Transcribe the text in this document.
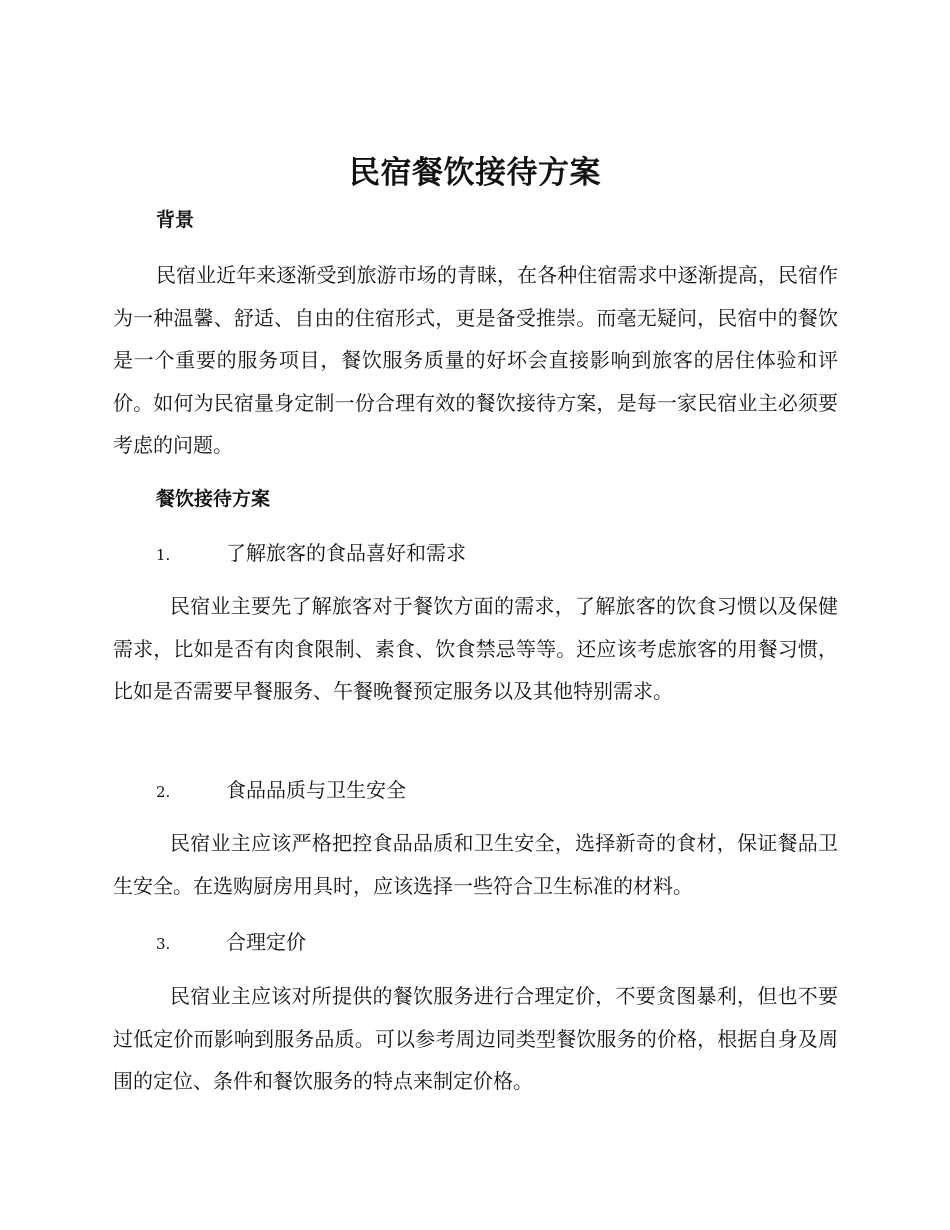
民宿餐饮接待方案
背景

民宿业近年来逐渐受到旅游市场的青睐，在各种住宿需求中逐渐提高，民宿作为一种温馨、舒适、自由的住宿形式，更是备受推崇。而毫无疑问，民宿中的餐饮是一个重要的服务项目，餐饮服务质量的好坏会直接影响到旅客的居住体验和评价。如何为民宿量身定制一份合理有效的餐饮接待方案，是每一家民宿业主必须要考虑的问题。

餐饮接待方案
1.	了解旅客的食品喜好和需求

民宿业主要先了解旅客对于餐饮方面的需求，了解旅客的饮食习惯以及保健需求，比如是否有肉食限制、素食、饮食禁忌等等。还应该考虑旅客的用餐习惯，比如是否需要早餐服务、午餐晚餐预定服务以及其他特别需求。

2.	食品品质与卫生安全

民宿业主应该严格把控食品品质和卫生安全，选择新奇的食材，保证餐品卫生安全。在选购厨房用具时，应该选择一些符合卫生标准的材料。

3.	合理定价

民宿业主应该对所提供的餐饮服务进行合理定价，不要贪图暴利，但也不要过低定价而影响到服务品质。可以参考周边同类型餐饮服务的价格，根据自身及周围的定位、条件和餐饮服务的特点来制定价格。
